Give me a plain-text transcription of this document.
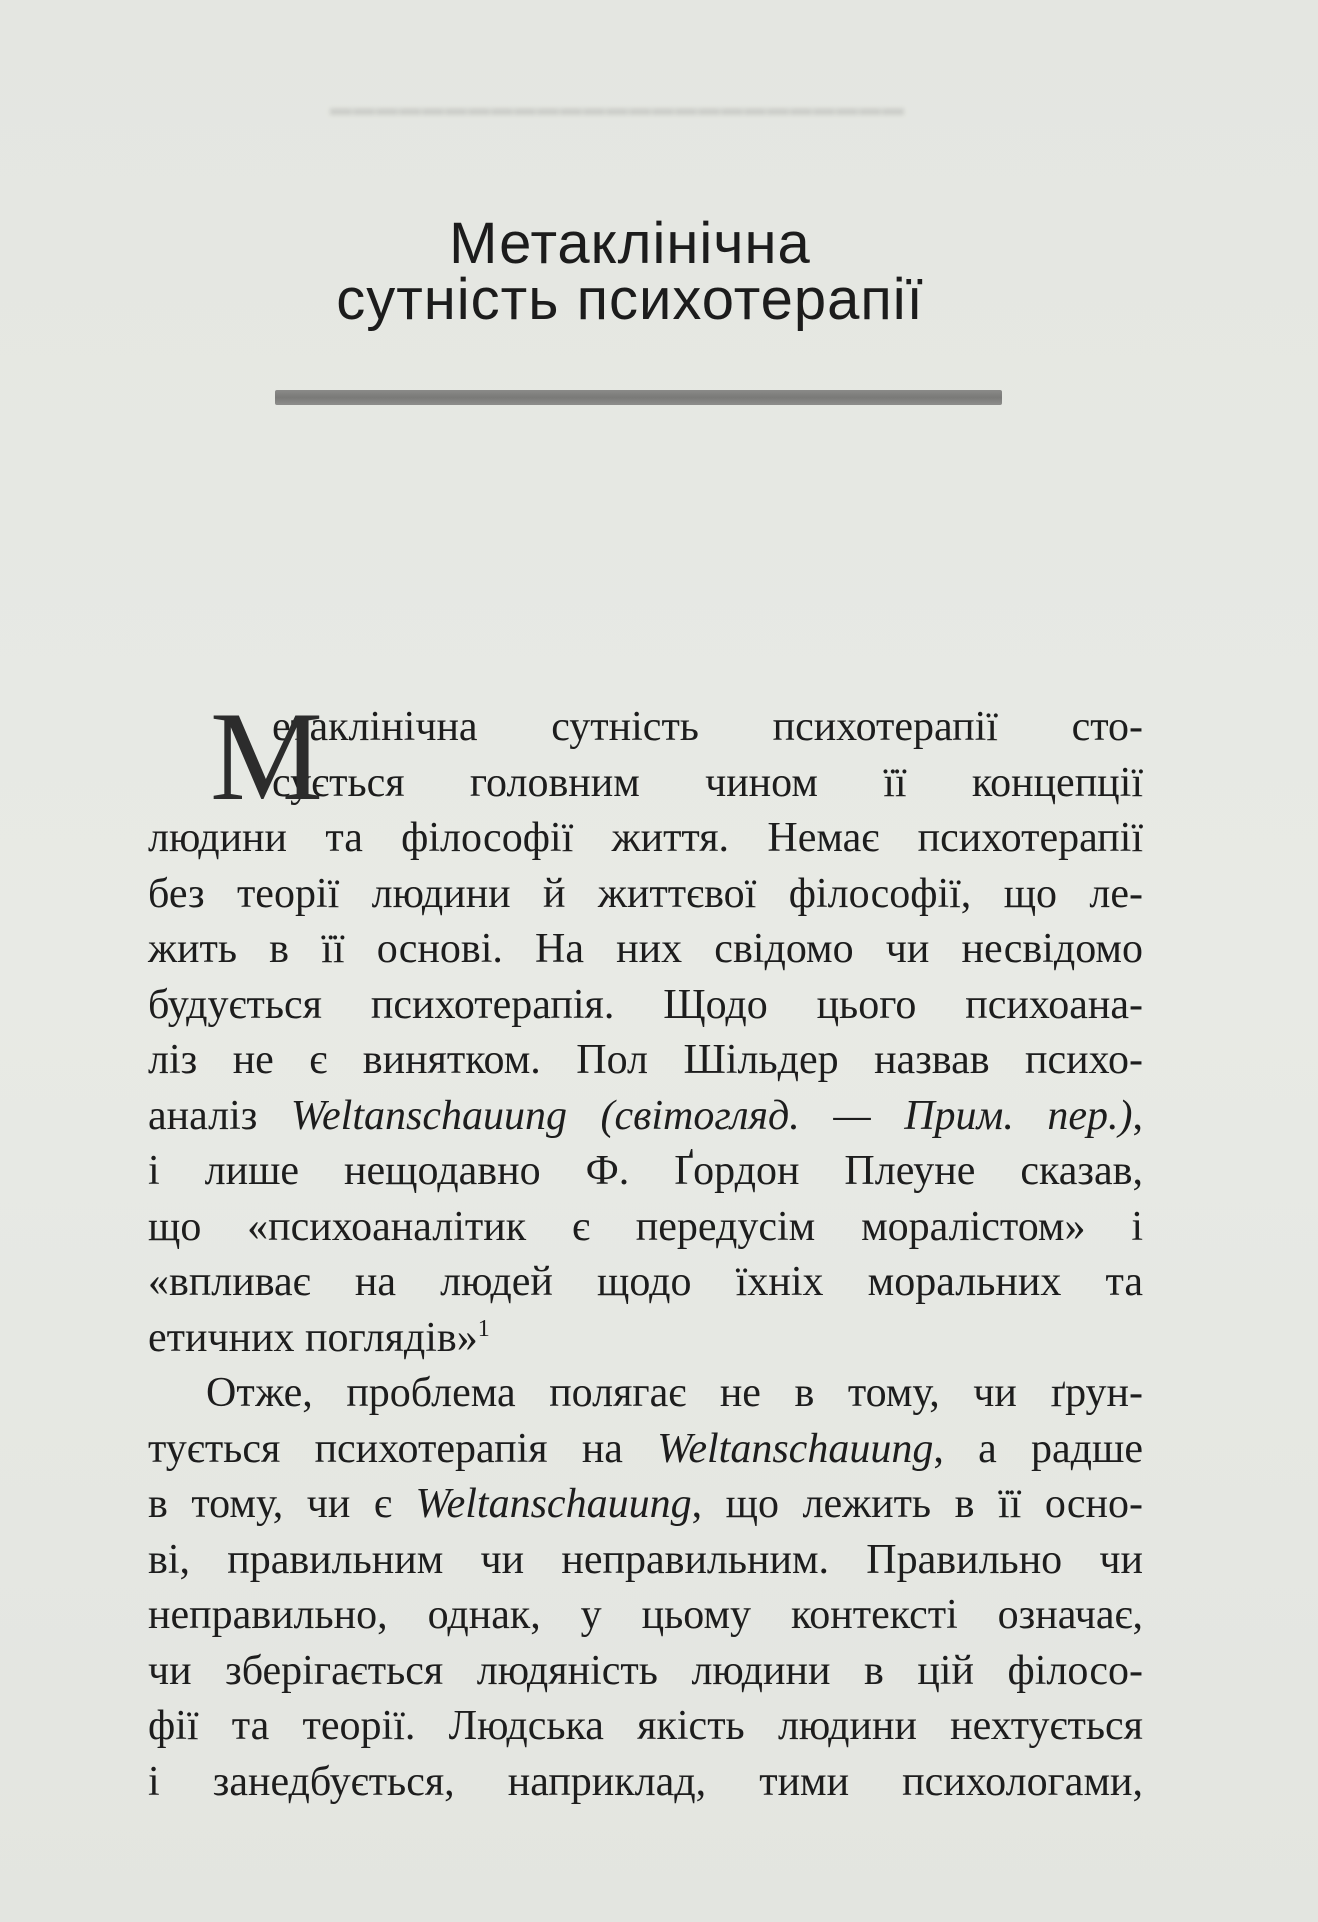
▬▬▬▬▬▬▬▬▬▬▬▬▬▬▬▬▬▬▬▬▬▬▬▬▬
Метаклінічна
сутність психотерапії
М
етаклінічна сутність психотерапії сто-
сується головним чином її концепції
людини та філософії життя. Немає психотерапії
без теорії людини й життєвої філософії, що ле-
жить в її основі. На них свідомо чи несвідомо
будується психотерапія. Щодо цього психоана-
ліз не є винятком. Пол Шільдер назвав психо-
аналіз Weltanschauung (світогляд. — Прим. пер.),
і лише нещодавно Ф. Ґордон Плеуне сказав,
що «психоаналітик є передусім моралістом» і
«впливає на людей щодо їхніх моральних та
етичних поглядів»$^1$
Отже, проблема полягає не в тому, чи ґрун-
тується психотерапія на Weltanschauung, а радше
в тому, чи є Weltanschauung, що лежить в її осно-
ві, правильним чи неправильним. Правильно чи
неправильно, однак, у цьому контексті означає,
чи зберігається людяність людини в цій філосо-
фії та теорії. Людська якість людини нехтується
і занедбується, наприклад, тими психологами,
